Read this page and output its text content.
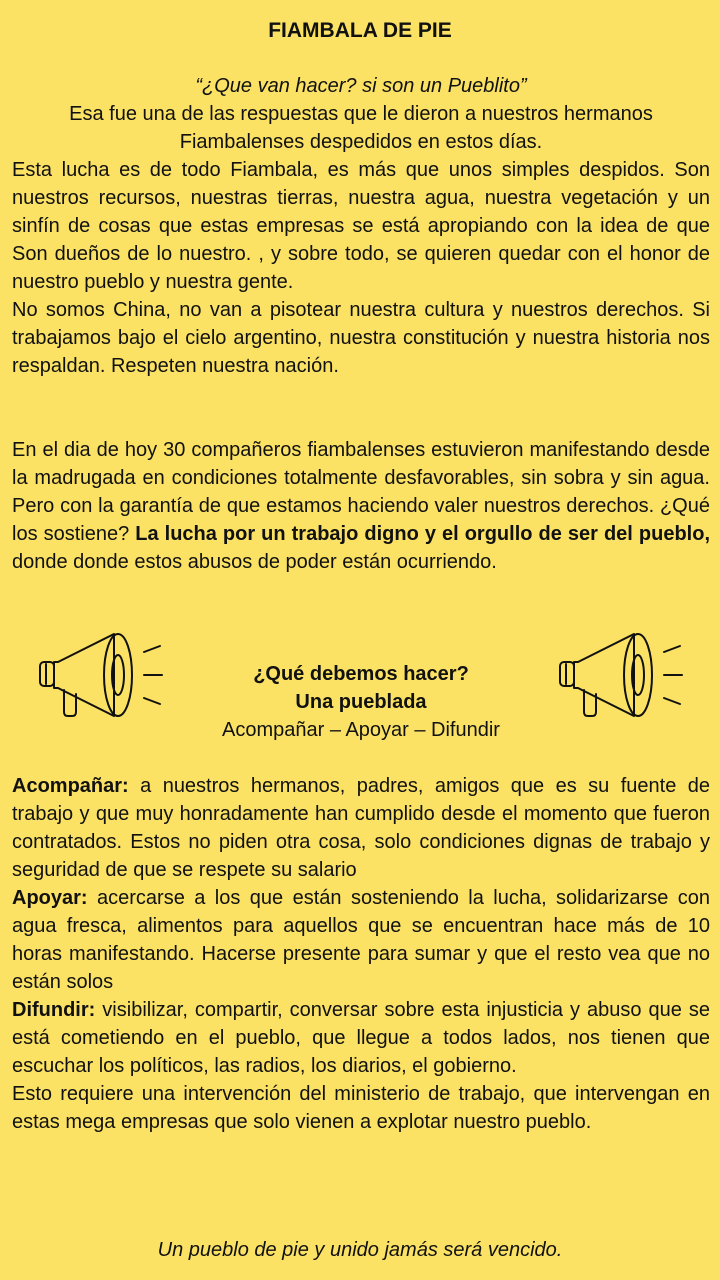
FIAMBALA DE PIE

“¿Que van hacer? si son un Pueblito”

Esa fue una de las respuestas que le dieron a nuestros hermanos

Fiambalenses despedidos en estos días.

Esta lucha es de todo Fiambala, es más que unos simples despidos. Son nuestros recursos, nuestras tierras, nuestra agua, nuestra vegetación y un sinfín de cosas que estas empresas se está apropiando con la idea de que Son dueños de lo nuestro. , y sobre todo, se quieren quedar con el honor de nuestro pueblo y nuestra gente.

No somos China, no van a pisotear nuestra cultura y nuestros derechos. Si trabajamos bajo el cielo argentino, nuestra constitución y nuestra historia nos respaldan. Respeten nuestra nación.

En el dia de hoy 30 compañeros fiambalenses estuvieron manifestando desde la madrugada en condiciones totalmente desfavorables, sin sobra y sin agua. Pero con la garantía de que estamos haciendo valer nuestros derechos. ¿Qué los sostiene? La lucha por un trabajo digno y el orgullo de ser del pueblo, donde donde estos abusos de poder están ocurriendo.

¿Qué debemos hacer?

Una pueblada

Acompañar – Apoyar – Difundir

Acompañar: a nuestros hermanos, padres, amigos que es su fuente de trabajo y que muy honradamente han cumplido desde el momento que fueron contratados. Estos no piden otra cosa, solo condiciones dignas de trabajo y seguridad de que se respete su salario

Apoyar: acercarse a los que están sosteniendo la lucha, solidarizarse con agua fresca, alimentos para aquellos que se encuentran hace más de 10 horas manifestando. Hacerse presente para sumar y que el resto vea que no están solos

Difundir: visibilizar, compartir, conversar sobre esta injusticia y abuso que se está cometiendo en el pueblo, que llegue a todos lados, nos tienen que escuchar los políticos, las radios, los diarios, el gobierno.

Esto requiere una intervención del ministerio de trabajo, que intervengan en estas mega empresas que solo vienen a explotar nuestro pueblo.

Un pueblo de pie y unido jamás será vencido.
